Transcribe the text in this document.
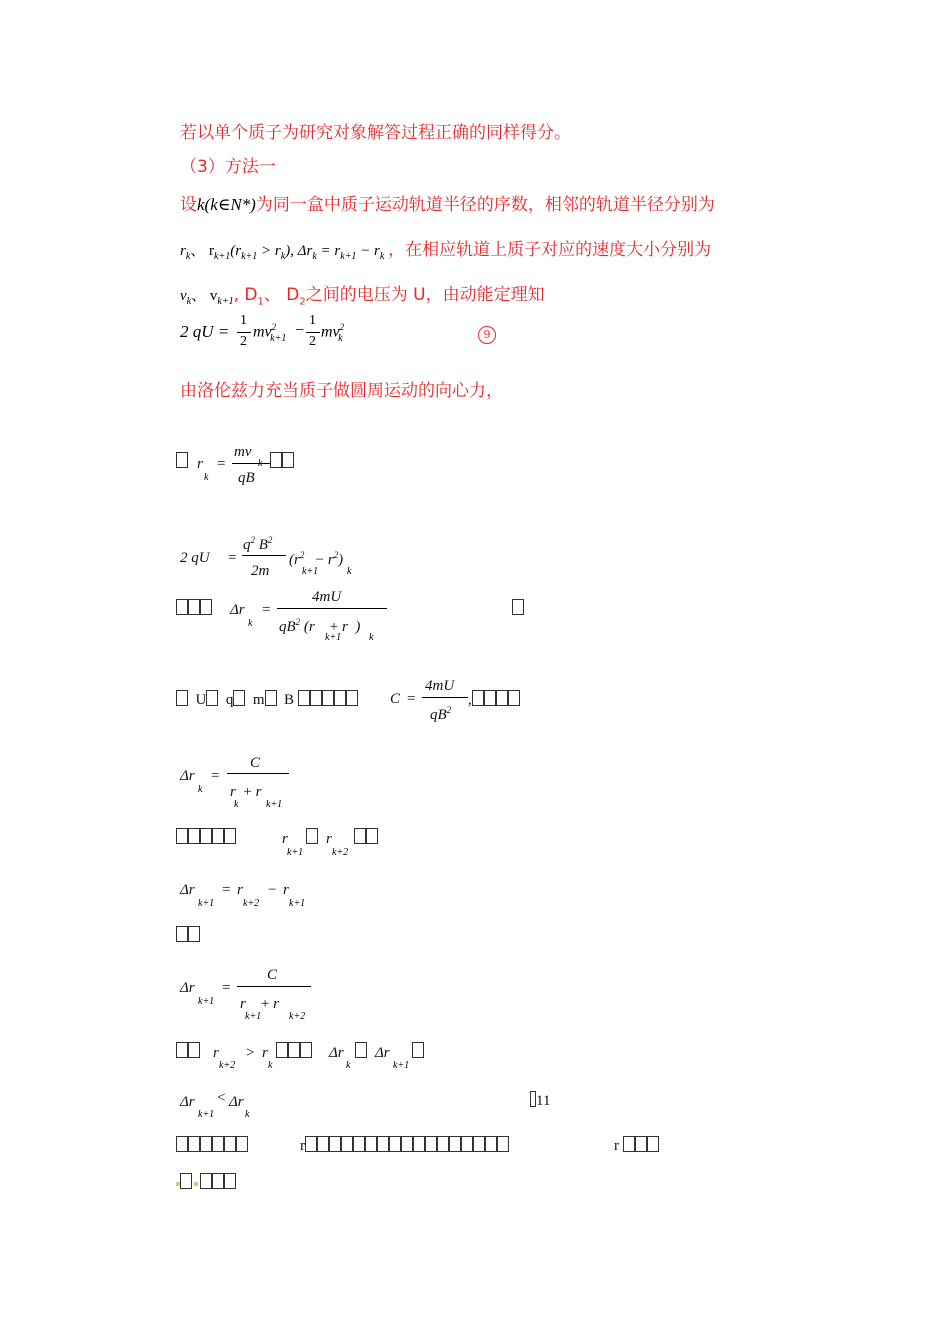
若以单个质子为研究对象解答过程正确的同样得分。
（3）方法一
设k(k∈N*)为同一盒中质子运动轨道半径的序数，相邻的轨道半径分别为
$r_k$、 $r_{k+1}(r_{k+1} > r_k)$, $\Delta r_k = r_{k+1} - r_k$ ，在相应轨道上质子对应的速度大小分别为
$v_k$、 $v_{k+1}$, $D_1$、 $D_2$之间的电压为 U，由动能定理知
2 qU =
1
2
$mv^2_{k+1}$ −
1
2
$mv^2_k$	9
由洛伦兹力充当质子做圆周运动的向心力，
r
k
=
mv
qB
2 qU =
$q^2$ $B^2$
2m
$(r^2 - r^2)$
k+1	k
Δr
k
=
4mU
$qB^2$ (r + r )
k+1	k
U q m B	C =
4mU
$qB^2$
,
Δr
k
=
C
r + r
k	k+1
r
k+1
r
k+2
Δr
k+1
= r
k+2
− r
k+1
Δr
k+1
=
C
r + r
k+1	k+2
r
k+2
> r
k
Δr
k
Δr
k+1
Δr
k+1
< Δr
k
11
r	r
